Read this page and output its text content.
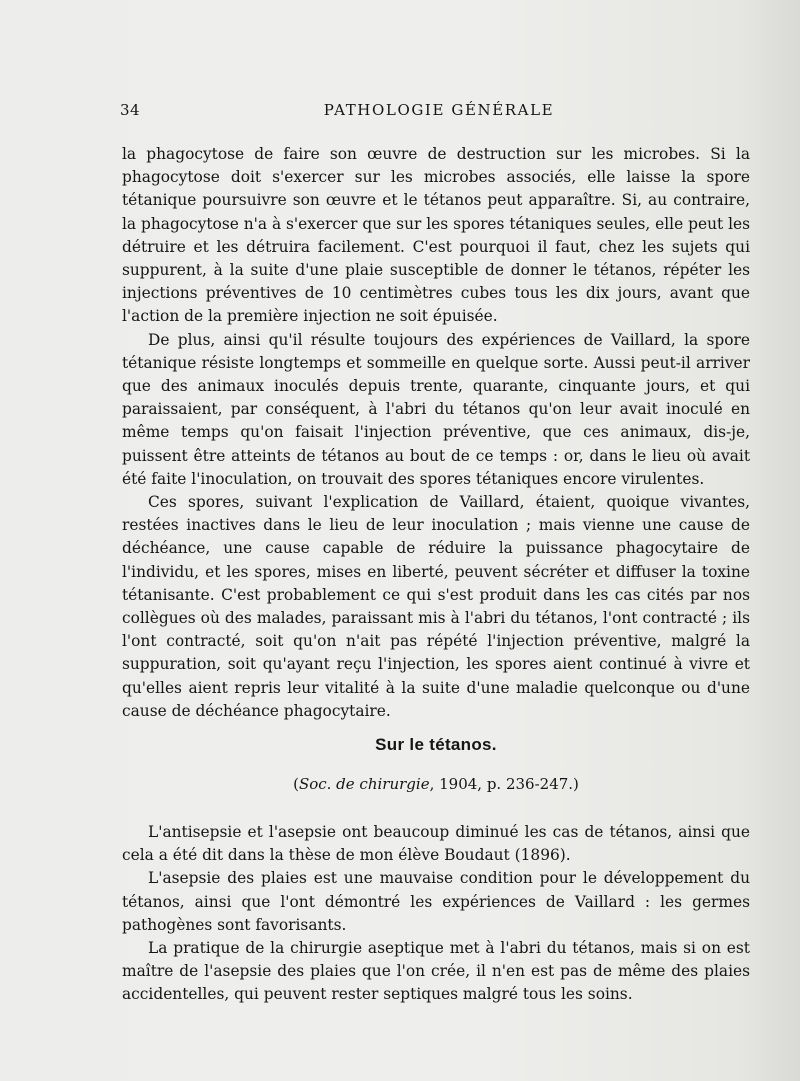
34	PATHOLOGIE GÉNÉRALE

la phagocytose de faire son œuvre de destruction sur les microbes. Si la phagocytose doit s'exercer sur les microbes associés, elle laisse la spore tétanique poursuivre son œuvre et le tétanos peut apparaître. Si, au contraire, la phagocytose n'a à s'exercer que sur les spores tétaniques seules, elle peut les détruire et les détruira facilement. C'est pourquoi il faut, chez les sujets qui suppurent, à la suite d'une plaie susceptible de donner le tétanos, répéter les injections préventives de 10 centimètres cubes tous les dix jours, avant que l'action de la première injection ne soit épuisée.

De plus, ainsi qu'il résulte toujours des expériences de Vaillard, la spore tétanique résiste longtemps et sommeille en quelque sorte. Aussi peut-il arriver que des animaux inoculés depuis trente, quarante, cinquante jours, et qui paraissaient, par conséquent, à l'abri du tétanos qu'on leur avait inoculé en même temps qu'on faisait l'injection préventive, que ces animaux, dis-je, puissent être atteints de tétanos au bout de ce temps : or, dans le lieu où avait été faite l'inoculation, on trouvait des spores tétaniques encore virulentes.

Ces spores, suivant l'explication de Vaillard, étaient, quoique vivantes, restées inactives dans le lieu de leur inoculation ; mais vienne une cause de déchéance, une cause capable de réduire la puissance phagocytaire de l'individu, et les spores, mises en liberté, peuvent sécréter et diffuser la toxine tétanisante. C'est probablement ce qui s'est produit dans les cas cités par nos collègues où des malades, paraissant mis à l'abri du tétanos, l'ont contracté ; ils l'ont contracté, soit qu'on n'ait pas répété l'injection préventive, malgré la suppuration, soit qu'ayant reçu l'injection, les spores aient continué à vivre et qu'elles aient repris leur vitalité à la suite d'une maladie quelconque ou d'une cause de déchéance phagocytaire.

Sur le tétanos.
(Soc. de chirurgie, 1904, p. 236-247.)

L'antisepsie et l'asepsie ont beaucoup diminué les cas de tétanos, ainsi que cela a été dit dans la thèse de mon élève Boudaut (1896).

L'asepsie des plaies est une mauvaise condition pour le développement du tétanos, ainsi que l'ont démontré les expériences de Vaillard : les germes pathogènes sont favorisants.

La pratique de la chirurgie aseptique met à l'abri du tétanos, mais si on est maître de l'asepsie des plaies que l'on crée, il n'en est pas de même des plaies accidentelles, qui peuvent rester septiques malgré tous les soins.
